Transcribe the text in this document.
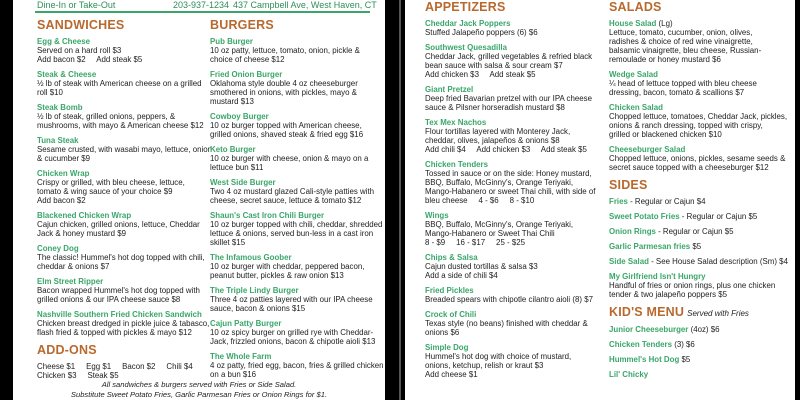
Dine-In or Take-Out	203-937-1234 437 Campbell Ave, West Haven, CT
SANDWICHES
Egg & Cheese
Served on a hard roll $3
Add bacon $2     Add steak $5
Steak & Cheese
½ lb of steak with American cheese on a grilled
roll $10
Steak Bomb
½ lb of steak, grilled onions, peppers, &
mushrooms, with mayo & American cheese $12
Tuna Steak
Sesame crusted, with wasabi mayo, lettuce, onion
& cucumber $9
Chicken Wrap
Crispy or grilled, with bleu cheese, lettuce,
tomato & wing sauce of your choice $9
Add bacon $2
Blackened Chicken Wrap
Cajun chicken, grilled onions, lettuce, Cheddar
Jack & honey mustard $9
Coney Dog
The classic! Hummel's hot dog topped with chili,
cheddar & onions $7
Elm Street Ripper
Bacon wrapped Hummel's hot dog topped with
grilled onions & our IPA cheese sauce $8
Nashville Southern Fried Chicken Sandwich
Chicken breast dredged in pickle juice & tabasco,
flash fried & topped with pickles & mayo $12
ADD-ONS
Cheese $1     Egg $1     Bacon $2     Chili $4
Chicken $3     Steak $5
BURGERS
Pub Burger
10 oz patty, lettuce, tomato, onion, pickle &
choice of cheese $12
Fried Onion Burger
Oklahoma style double 4 oz cheeseburger
smothered in onions, with pickles, mayo &
mustard $13
Cowboy Burger
10 oz burger topped with American cheese,
grilled onions, shaved steak & fried egg $16
Keto Burger
10 oz burger with cheese, onion & mayo on a
lettuce bun $11
West Side Burger
Two 4 oz mustard glazed Cali-style patties with
cheese, secret sauce, lettuce & tomato $12
Shaun's Cast Iron Chili Burger
10 oz burger topped with chili, cheddar, shredded
lettuce & onions, served bun-less in a cast iron
skillet $15
The Infamous Goober
10 oz burger with cheddar, peppered bacon,
peanut butter, pickles & raw onion $13
The Triple Lindy Burger
Three 4 oz patties layered with our IPA cheese
sauce, bacon & onions $15
Cajun Patty Burger
10 oz spicy burger on grilled rye with Cheddar-
Jack, frizzled onions, bacon & chipotle aioli $13
The Whole Farm
4 oz patty, fried egg, bacon, fries & grilled chicken
on a bun $16
All sandwiches & burgers served with Fries or Side Salad.
Substitute Sweet Potato Fries, Garlic Parmesan Fries or Onion Rings for $1.
APPETIZERS
Cheddar Jack Poppers
Stuffed Jalapeño poppers (6) $6
Southwest Quesadilla
Cheddar Jack, grilled vegetables & refried black
bean sauce with salsa & sour cream $7
Add chicken $3     Add steak $5
Giant Pretzel
Deep fried Bavarian pretzel with our IPA cheese
sauce & Pilsner horseradish mustard $8
Tex Mex Nachos
Flour tortillas layered with Monterey Jack,
cheddar, olives, jalapeños & onions $8
Add chili $4     Add chicken $3     Add steak $5
Chicken Tenders
Tossed in sauce or on the side: Honey mustard,
BBQ, Buffalo, McGinny's, Orange Teriyaki,
Mango-Habanero or sweet Thai chili, with side of
bleu cheese     4 - $6     8 - $10
Wings
BBQ, Buffalo, McGinny's, Orange Teriyaki,
Mango-Habanero or Sweet Thai Chili
8 - $9     16 - $17     25 - $25
Chips & Salsa
Cajun dusted tortillas & salsa $3
Add a side of chili $4
Fried Pickles
Breaded spears with chipotle cilantro aioli (8) $7
Crock of Chili
Texas style (no beans) finished with cheddar &
onions $6
Simple Dog
Hummel's hot dog with choice of mustard,
onions, ketchup, relish or kraut $3
Add cheese $1
SALADS
House Salad (Lg)
Lettuce, tomato, cucumber, onion, olives,
radishes & choice of red wine vinaigrette,
balsamic vinaigrette, bleu cheese, Russian-
remoulade or honey mustard $6
Wedge Salad
¼ head of lettuce topped with bleu cheese
dressing, bacon, tomato & scallions $7
Chicken Salad
Chopped lettuce, tomatoes, Cheddar Jack, pickles,
onions & ranch dressing, topped with crispy,
grilled or blackened chicken $10
Cheeseburger Salad
Chopped lettuce, onions, pickles, sesame seeds &
secret sauce topped with a cheeseburger $12
SIDES
Fries - Regular or Cajun $4
Sweet Potato Fries - Regular or Cajun $5
Onion Rings - Regular or Cajun $5
Garlic Parmesan fries $5
Side Salad - See House Salad description (Sm) $4
My Girlfriend Isn't Hungry
Handful of fries or onion rings, plus one chicken
tender & two jalapeño poppers $5
KID'S MENU Served with Fries
Junior Cheeseburger (4oz) $6
Chicken Tenders (3) $6
Hummel's Hot Dog $5
Lil' Chicky
